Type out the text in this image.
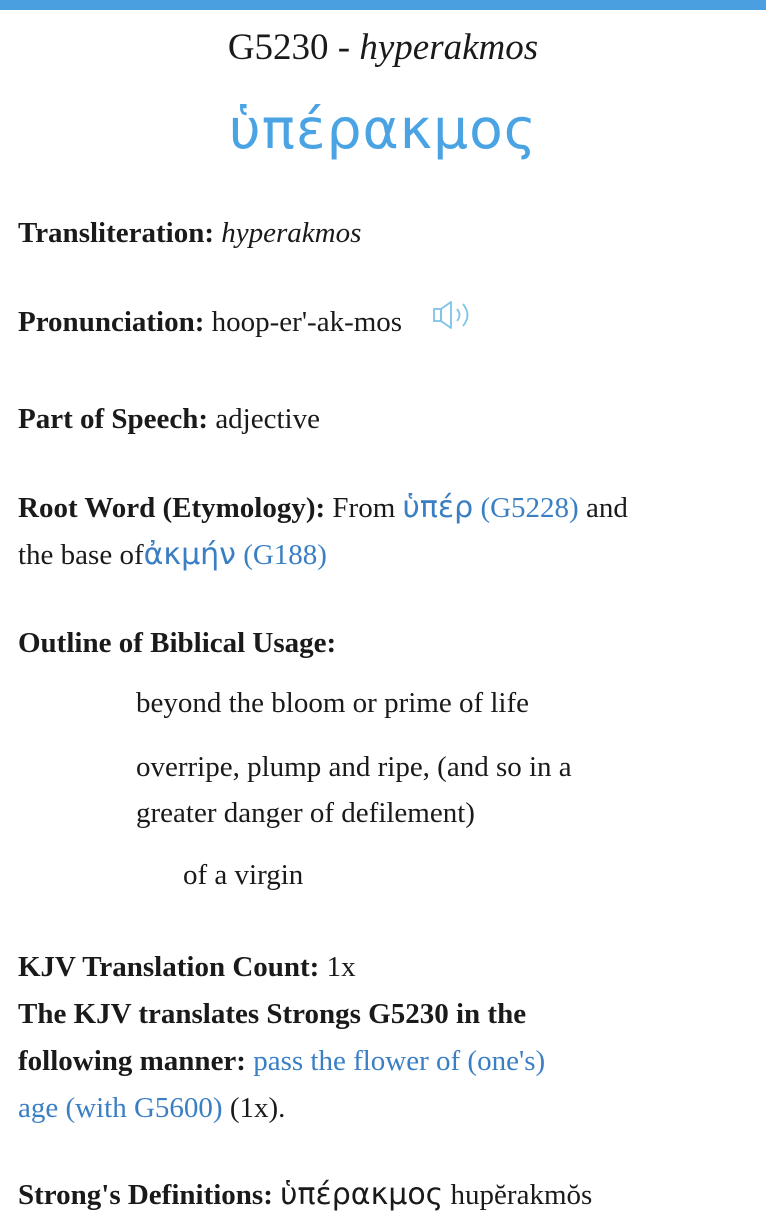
G5230 - hyperakmos
ὑπέρακμος
Transliteration: hyperakmos
Pronunciation: hoop-er'-ak-mos
Part of Speech: adjective
Root Word (Etymology): From ὑπέρ (G5228) and
the base ofἀκμήν (G188)
Outline of Biblical Usage:
beyond the bloom or prime of life
overripe, plump and ripe, (and so in a
greater danger of defilement)
of a virgin
KJV Translation Count: 1x
The KJV translates Strongs G5230 in the
following manner: pass the flower of (one's)
age (with G5600) (1x).
Strong's Definitions: ὑπέρακμος hupĕrakmŏs
